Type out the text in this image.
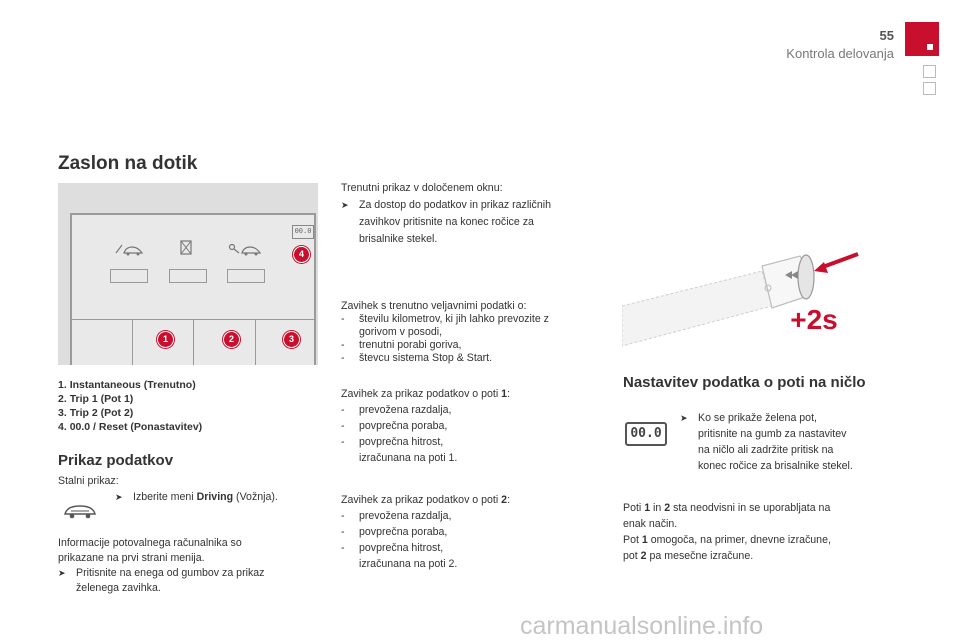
55
Kontrola delovanja
Zaslon na dotik
00.0
1	2	3
4
1. Instantaneous (Trenutno)
2. Trip 1 (Pot 1)
3. Trip 2 (Pot 2)
4. 00.0 / Reset (Ponastavitev)
Prikaz podatkov
Stalni prikaz:
➤ Izberite meni Driving (Vožnja).

Informacije potovalnega računalnika so

prikazane na prvi strani menija.

➤ Pritisnite na enega od gumbov za prikaz
želenega zavihka.

Trenutni prikaz v določenem oknu:

➤ Za dostop do podatkov in prikaz različnih
zavihkov pritisnite na konec ročice za
brisalnike stekel.

Zavihek s trenutno veljavnimi podatki o:

-	številu kilometrov, ki jih lahko prevozite z
gorivom v posodi,
-	trenutni porabi goriva,
-	števcu sistema Stop & Start.

Zavihek za prikaz podatkov o poti 1:

-	prevožena razdalja,
-	povprečna poraba,
-	povprečna hitrost,
izračunana na poti 1.

Zavihek za prikaz podatkov o poti 2:

-	prevožena razdalja,
-	povprečna poraba,
-	povprečna hitrost,
izračunana na poti 2.
+2s
Nastavitev podatka o poti na ničlo
00.0
➤ Ko se prikaže želena pot,
pritisnite na gumb za nastavitev
na ničlo ali zadržite pritisk na
konec ročice za brisalnike stekel.

Poti 1 in 2 sta neodvisni in se uporabljata na

enak način.

Pot 1 omogoča, na primer, dnevne izračune,

pot 2 pa mesečne izračune.

carmanualsonline.info
